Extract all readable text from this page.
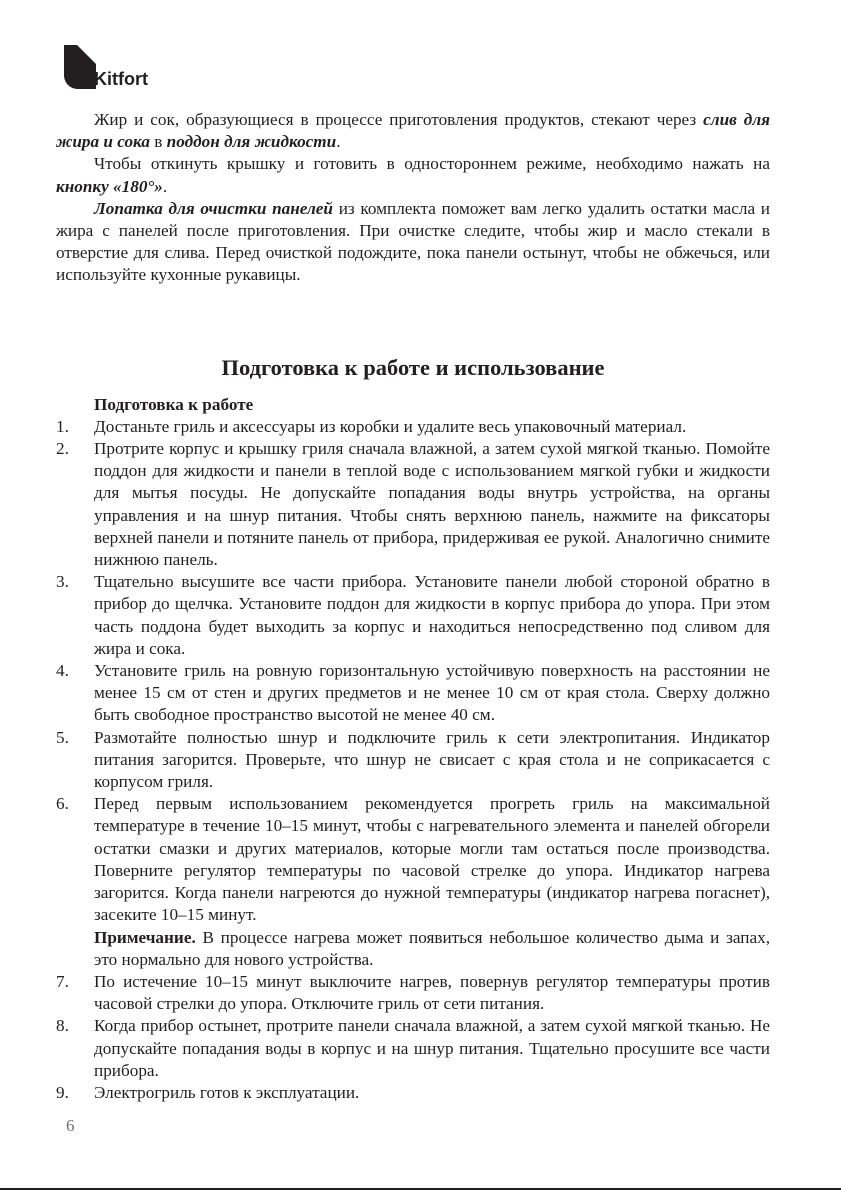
Kitfort

Жир и сок, образующиеся в процессе приготовления продуктов, стекают через слив для жира и сока в поддон для жидкости.

Чтобы откинуть крышку и готовить в одностороннем режиме, необходимо нажать на кнопку «180°».

Лопатка для очистки панелей из комплекта поможет вам легко удалить остатки масла и жира с панелей после приготовления. При очистке следите, чтобы жир и масло стекали в отверстие для слива. Перед очисткой подождите, пока панели остынут, чтобы не обжечься, или используйте кухонные рукавицы.

Подготовка к работе и использование
Подготовка к работе
1. Достаньте гриль и аксессуары из коробки и удалите весь упаковочный материал.
2. Протрите корпус и крышку гриля сначала влажной, а затем сухой мягкой тканью. Помойте поддон для жидкости и панели в теплой воде с использованием мягкой губки и жидкости для мытья посуды. Не допускайте попадания воды внутрь устройства, на органы управления и на шнур питания. Чтобы снять верхнюю панель, нажмите на фиксаторы верхней панели и потяните панель от прибора, придерживая ее рукой. Аналогично снимите нижнюю панель.
3. Тщательно высушите все части прибора. Установите панели любой стороной обратно в прибор до щелчка. Установите поддон для жидкости в корпус прибора до упора. При этом часть поддона будет выходить за корпус и находиться непосредственно под сливом для жира и сока.
4. Установите гриль на ровную горизонтальную устойчивую поверхность на расстоянии не менее 15 см от стен и других предметов и не менее 10 см от края стола. Сверху должно быть свободное пространство высотой не менее 40 см.
5. Размотайте полностью шнур и подключите гриль к сети электропитания. Индикатор питания загорится. Проверьте, что шнур не свисает с края стола и не соприкасается с корпусом гриля.
6. Перед первым использованием рекомендуется прогреть гриль на максимальной температуре в течение 10–15 минут, чтобы с нагревательного элемента и панелей обгорели остатки смазки и других материалов, которые могли там остаться после производства. Поверните регулятор температуры по часовой стрелке до упора. Индикатор нагрева загорится. Когда панели нагреются до нужной температуры (индикатор нагрева погаснет), засеките 10–15 минут.
Примечание. В процессе нагрева может появиться небольшое количество дыма и запах, это нормально для нового устройства.
7. По истечение 10–15 минут выключите нагрев, повернув регулятор температуры против часовой стрелки до упора. Отключите гриль от сети питания.
8. Когда прибор остынет, протрите панели сначала влажной, а затем сухой мягкой тканью. Не допускайте попадания воды в корпус и на шнур питания. Тщательно просушите все части прибора.
9. Электрогриль готов к эксплуатации.
6
